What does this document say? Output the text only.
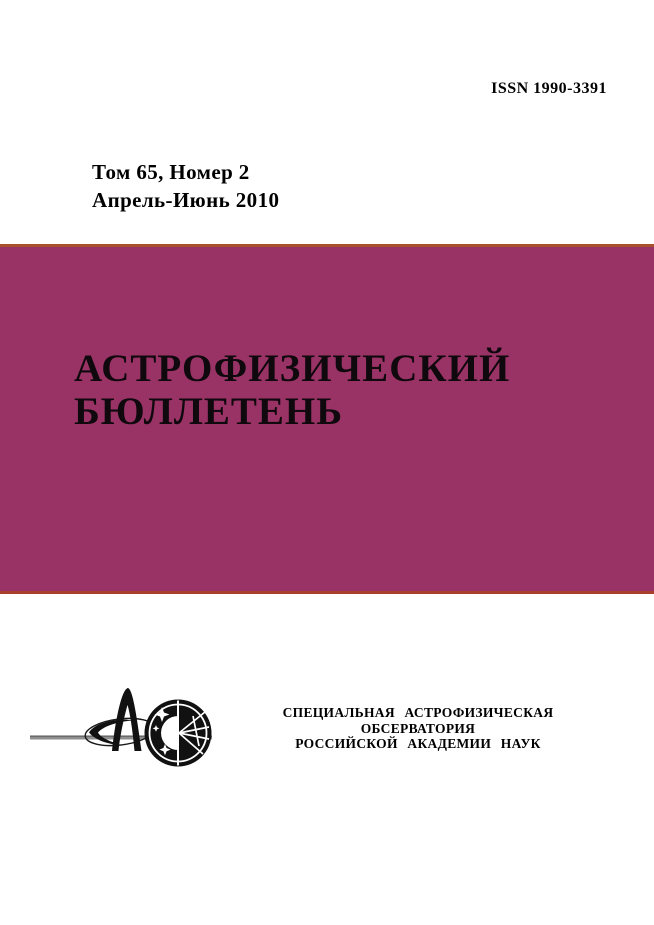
ISSN 1990-3391
Том 65, Номер 2
Апрель-Июнь 2010
АСТРОФИЗИЧЕСКИЙ
БЮЛЛЕТЕНЬ
СПЕЦИАЛЬНАЯ АСТРОФИЗИЧЕСКАЯ ОБСЕРВАТОРИЯ
РОССИЙСКОЙ АКАДЕМИИ НАУК
